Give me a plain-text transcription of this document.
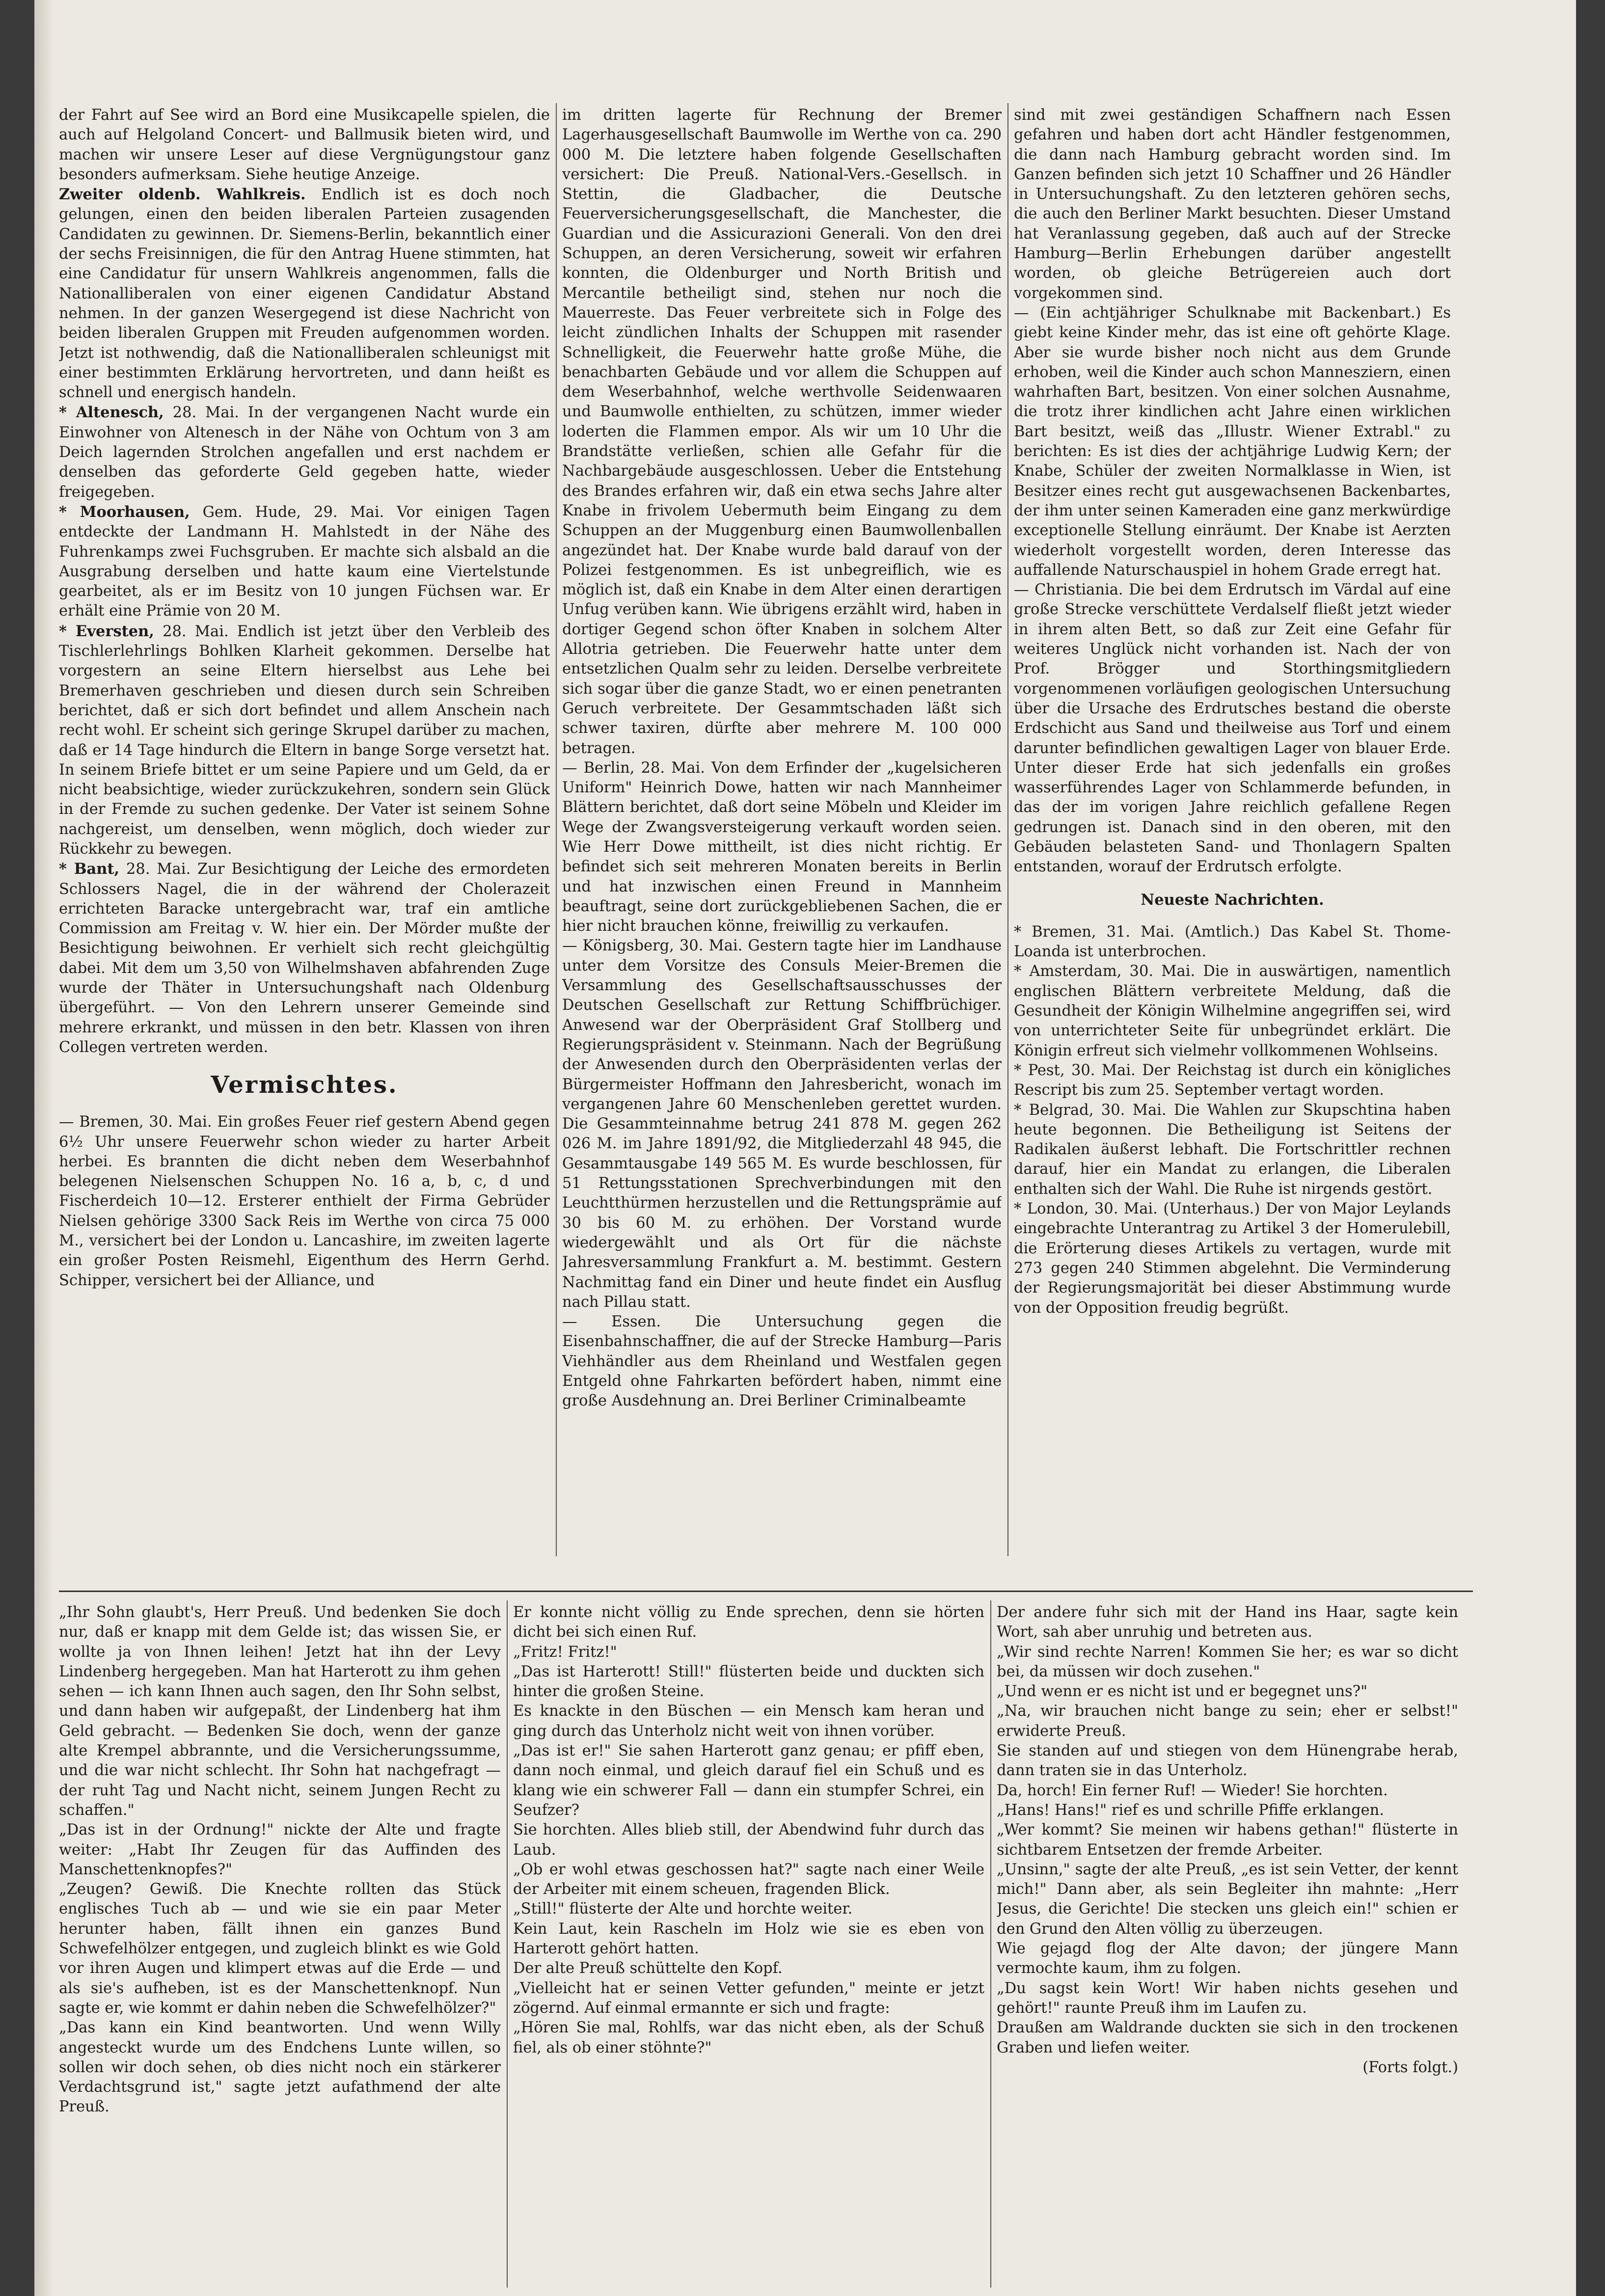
der Fahrt auf See wird an Bord eine Musikcapelle spielen, die auch auf Helgoland Concert- und Ballmusik bieten wird, und machen wir unsere Leser auf diese Vergnügungstour ganz besonders aufmerksam. Siehe heutige Anzeige.

Zweiter oldenb. Wahlkreis. Endlich ist es doch noch gelungen, einen den beiden liberalen Parteien zusagenden Candidaten zu gewinnen. Dr. Siemens-Berlin, bekanntlich einer der sechs Freisinnigen, die für den Antrag Huene stimmten, hat eine Candidatur für unsern Wahlkreis angenommen, falls die Nationalliberalen von einer eigenen Candidatur Abstand nehmen. In der ganzen Wesergegend ist diese Nachricht von beiden liberalen Gruppen mit Freuden aufgenommen worden. Jetzt ist nothwendig, daß die Nationalliberalen schleunigst mit einer bestimmten Erklärung hervortreten, und dann heißt es schnell und energisch handeln.

* Altenesch, 28. Mai. In der vergangenen Nacht wurde ein Einwohner von Altenesch in der Nähe von Ochtum von 3 am Deich lagernden Strolchen angefallen und erst nachdem er denselben das geforderte Geld gegeben hatte, wieder freigegeben.

* Moorhausen, Gem. Hude, 29. Mai. Vor einigen Tagen entdeckte der Landmann H. Mahlstedt in der Nähe des Fuhrenkamps zwei Fuchsgruben. Er machte sich alsbald an die Ausgrabung derselben und hatte kaum eine Viertelstunde gearbeitet, als er im Besitz von 10 jungen Füchsen war. Er erhält eine Prämie von 20 M.

* Eversten, 28. Mai. Endlich ist jetzt über den Verbleib des Tischlerlehrlings Bohlken Klarheit gekommen. Derselbe hat vorgestern an seine Eltern hierselbst aus Lehe bei Bremerhaven geschrieben und diesen durch sein Schreiben berichtet, daß er sich dort befindet und allem Anschein nach recht wohl. Er scheint sich geringe Skrupel darüber zu machen, daß er 14 Tage hindurch die Eltern in bange Sorge versetzt hat. In seinem Briefe bittet er um seine Papiere und um Geld, da er nicht beabsichtige, wieder zurückzukehren, sondern sein Glück in der Fremde zu suchen gedenke. Der Vater ist seinem Sohne nachgereist, um denselben, wenn möglich, doch wieder zur Rückkehr zu bewegen.

* Bant, 28. Mai. Zur Besichtigung der Leiche des ermordeten Schlossers Nagel, die in der während der Cholerazeit errichteten Baracke untergebracht war, traf ein amtliche Commission am Freitag v. W. hier ein. Der Mörder mußte der Besichtigung beiwohnen. Er verhielt sich recht gleichgültig dabei. Mit dem um 3,50 von Wilhelmshaven abfahrenden Zuge wurde der Thäter in Untersuchungshaft nach Oldenburg übergeführt. — Von den Lehrern unserer Gemeinde sind mehrere erkrankt, und müssen in den betr. Klassen von ihren Collegen vertreten werden.

Vermischtes.

— Bremen, 30. Mai. Ein großes Feuer rief gestern Abend gegen 6½ Uhr unsere Feuerwehr schon wieder zu harter Arbeit herbei. Es brannten die dicht neben dem Weserbahnhof belegenen Nielsenschen Schuppen No. 16 a, b, c, d und Fischerdeich 10—12. Ersterer enthielt der Firma Gebrüder Nielsen gehörige 3300 Sack Reis im Werthe von circa 75 000 M., versichert bei der London u. Lancashire, im zweiten lagerte ein großer Posten Reismehl, Eigenthum des Herrn Gerhd. Schipper, versichert bei der Alliance, und

im dritten lagerte für Rechnung der Bremer Lagerhausgesellschaft Baumwolle im Werthe von ca. 290 000 M. Die letztere haben folgende Gesellschaften versichert: Die Preuß. National-Vers.-Gesellsch. in Stettin, die Gladbacher, die Deutsche Feuerversicherungsgesellschaft, die Manchester, die Guardian und die Assicurazioni Generali. Von den drei Schuppen, an deren Versicherung, soweit wir erfahren konnten, die Oldenburger und North British und Mercantile betheiligt sind, stehen nur noch die Mauerreste. Das Feuer verbreitete sich in Folge des leicht zündlichen Inhalts der Schuppen mit rasender Schnelligkeit, die Feuerwehr hatte große Mühe, die benachbarten Gebäude und vor allem die Schuppen auf dem Weserbahnhof, welche werthvolle Seidenwaaren und Baumwolle enthielten, zu schützen, immer wieder loderten die Flammen empor. Als wir um 10 Uhr die Brandstätte verließen, schien alle Gefahr für die Nachbargebäude ausgeschlossen. Ueber die Entstehung des Brandes erfahren wir, daß ein etwa sechs Jahre alter Knabe in frivolem Uebermuth beim Eingang zu dem Schuppen an der Muggenburg einen Baumwollenballen angezündet hat. Der Knabe wurde bald darauf von der Polizei festgenommen. Es ist unbegreiflich, wie es möglich ist, daß ein Knabe in dem Alter einen derartigen Unfug verüben kann. Wie übrigens erzählt wird, haben in dortiger Gegend schon öfter Knaben in solchem Alter Allotria getrieben. Die Feuerwehr hatte unter dem entsetzlichen Qualm sehr zu leiden. Derselbe verbreitete sich sogar über die ganze Stadt, wo er einen penetranten Geruch verbreitete. Der Gesammtschaden läßt sich schwer taxiren, dürfte aber mehrere M. 100 000 betragen.

— Berlin, 28. Mai. Von dem Erfinder der „kugelsicheren Uniform" Heinrich Dowe, hatten wir nach Mannheimer Blättern berichtet, daß dort seine Möbeln und Kleider im Wege der Zwangsversteigerung verkauft worden seien. Wie Herr Dowe mittheilt, ist dies nicht richtig. Er befindet sich seit mehreren Monaten bereits in Berlin und hat inzwischen einen Freund in Mannheim beauftragt, seine dort zurückgebliebenen Sachen, die er hier nicht brauchen könne, freiwillig zu verkaufen.

— Königsberg, 30. Mai. Gestern tagte hier im Landhause unter dem Vorsitze des Consuls Meier-Bremen die Versammlung des Gesellschaftsausschusses der Deutschen Gesellschaft zur Rettung Schiffbrüchiger. Anwesend war der Oberpräsident Graf Stollberg und Regierungspräsident v. Steinmann. Nach der Begrüßung der Anwesenden durch den Oberpräsidenten verlas der Bürgermeister Hoffmann den Jahresbericht, wonach im vergangenen Jahre 60 Menschenleben gerettet wurden. Die Gesammteinnahme betrug 241 878 M. gegen 262 026 M. im Jahre 1891/92, die Mitgliederzahl 48 945, die Gesammtausgabe 149 565 M. Es wurde beschlossen, für 51 Rettungsstationen Sprechverbindungen mit den Leuchtthürmen herzustellen und die Rettungsprämie auf 30 bis 60 M. zu erhöhen. Der Vorstand wurde wiedergewählt und als Ort für die nächste Jahresversammlung Frankfurt a. M. bestimmt. Gestern Nachmittag fand ein Diner und heute findet ein Ausflug nach Pillau statt.

— Essen. Die Untersuchung gegen die Eisenbahnschaffner, die auf der Strecke Hamburg—Paris Viehhändler aus dem Rheinland und Westfalen gegen Entgeld ohne Fahrkarten befördert haben, nimmt eine große Ausdehnung an. Drei Berliner Criminalbeamte

sind mit zwei geständigen Schaffnern nach Essen gefahren und haben dort acht Händler festgenommen, die dann nach Hamburg gebracht worden sind. Im Ganzen befinden sich jetzt 10 Schaffner und 26 Händler in Untersuchungshaft. Zu den letzteren gehören sechs, die auch den Berliner Markt besuchten. Dieser Umstand hat Veranlassung gegeben, daß auch auf der Strecke Hamburg—Berlin Erhebungen darüber angestellt worden, ob gleiche Betrügereien auch dort vorgekommen sind.

— (Ein achtjähriger Schulknabe mit Backenbart.) Es giebt keine Kinder mehr, das ist eine oft gehörte Klage. Aber sie wurde bisher noch nicht aus dem Grunde erhoben, weil die Kinder auch schon Mannesziern, einen wahrhaften Bart, besitzen. Von einer solchen Ausnahme, die trotz ihrer kindlichen acht Jahre einen wirklichen Bart besitzt, weiß das „Illustr. Wiener Extrabl." zu berichten: Es ist dies der achtjährige Ludwig Kern; der Knabe, Schüler der zweiten Normalklasse in Wien, ist Besitzer eines recht gut ausgewachsenen Backenbartes, der ihm unter seinen Kameraden eine ganz merkwürdige exceptionelle Stellung einräumt. Der Knabe ist Aerzten wiederholt vorgestellt worden, deren Interesse das auffallende Naturschauspiel in hohem Grade erregt hat.

— Christiania. Die bei dem Erdrutsch im Värdal auf eine große Strecke verschüttete Verdalself fließt jetzt wieder in ihrem alten Bett, so daß zur Zeit eine Gefahr für weiteres Unglück nicht vorhanden ist. Nach der von Prof. Brögger und Storthingsmitgliedern vorgenommenen vorläufigen geologischen Untersuchung über die Ursache des Erdrutsches bestand die oberste Erdschicht aus Sand und theilweise aus Torf und einem darunter befindlichen gewaltigen Lager von blauer Erde. Unter dieser Erde hat sich jedenfalls ein großes wasserführendes Lager von Schlammerde befunden, in das der im vorigen Jahre reichlich gefallene Regen gedrungen ist. Danach sind in den oberen, mit den Gebäuden belasteten Sand- und Thonlagern Spalten entstanden, worauf der Erdrutsch erfolgte.

Neueste Nachrichten.

* Bremen, 31. Mai. (Amtlich.) Das Kabel St. Thome-Loanda ist unterbrochen.

* Amsterdam, 30. Mai. Die in auswärtigen, namentlich englischen Blättern verbreitete Meldung, daß die Gesundheit der Königin Wilhelmine angegriffen sei, wird von unterrichteter Seite für unbegründet erklärt. Die Königin erfreut sich vielmehr vollkommenen Wohlseins.

* Pest, 30. Mai. Der Reichstag ist durch ein königliches Rescript bis zum 25. September vertagt worden.

* Belgrad, 30. Mai. Die Wahlen zur Skupschtina haben heute begonnen. Die Betheiligung ist Seitens der Radikalen äußerst lebhaft. Die Fortschrittler rechnen darauf, hier ein Mandat zu erlangen, die Liberalen enthalten sich der Wahl. Die Ruhe ist nirgends gestört.

* London, 30. Mai. (Unterhaus.) Der von Major Leylands eingebrachte Unterantrag zu Artikel 3 der Homerulebill, die Erörterung dieses Artikels zu vertagen, wurde mit 273 gegen 240 Stimmen abgelehnt. Die Verminderung der Regierungsmajorität bei dieser Abstimmung wurde von der Opposition freudig begrüßt.

„Ihr Sohn glaubt's, Herr Preuß. Und bedenken Sie doch nur, daß er knapp mit dem Gelde ist; das wissen Sie, er wollte ja von Ihnen leihen! Jetzt hat ihn der Levy Lindenberg hergegeben. Man hat Harterott zu ihm gehen sehen — ich kann Ihnen auch sagen, den Ihr Sohn selbst, und dann haben wir aufgepaßt, der Lindenberg hat ihm Geld gebracht. — Bedenken Sie doch, wenn der ganze alte Krempel abbrannte, und die Versicherungssumme, und die war nicht schlecht. Ihr Sohn hat nachgefragt — der ruht Tag und Nacht nicht, seinem Jungen Recht zu schaffen."

„Das ist in der Ordnung!" nickte der Alte und fragte weiter: „Habt Ihr Zeugen für das Auffinden des Manschettenknopfes?"

„Zeugen? Gewiß. Die Knechte rollten das Stück englisches Tuch ab — und wie sie ein paar Meter herunter haben, fällt ihnen ein ganzes Bund Schwefelhölzer entgegen, und zugleich blinkt es wie Gold vor ihren Augen und klimpert etwas auf die Erde — und als sie's aufheben, ist es der Manschettenknopf. Nun sagte er, wie kommt er dahin neben die Schwefelhölzer?"

„Das kann ein Kind beantworten. Und wenn Willy angesteckt wurde um des Endchens Lunte willen, so sollen wir doch sehen, ob dies nicht noch ein stärkerer Verdachtsgrund ist," sagte jetzt aufathmend der alte Preuß.

Er konnte nicht völlig zu Ende sprechen, denn sie hörten dicht bei sich einen Ruf.

„Fritz! Fritz!"

„Das ist Harterott! Still!" flüsterten beide und duckten sich hinter die großen Steine.

Es knackte in den Büschen — ein Mensch kam heran und ging durch das Unterholz nicht weit von ihnen vorüber.

„Das ist er!" Sie sahen Harterott ganz genau; er pfiff eben, dann noch einmal, und gleich darauf fiel ein Schuß und es klang wie ein schwerer Fall — dann ein stumpfer Schrei, ein Seufzer?

Sie horchten. Alles blieb still, der Abendwind fuhr durch das Laub.

„Ob er wohl etwas geschossen hat?" sagte nach einer Weile der Arbeiter mit einem scheuen, fragenden Blick.

„Still!" flüsterte der Alte und horchte weiter.

Kein Laut, kein Rascheln im Holz wie sie es eben von Harterott gehört hatten.

Der alte Preuß schüttelte den Kopf.

„Vielleicht hat er seinen Vetter gefunden," meinte er jetzt zögernd. Auf einmal ermannte er sich und fragte:

„Hören Sie mal, Rohlfs, war das nicht eben, als der Schuß fiel, als ob einer stöhnte?"

Der andere fuhr sich mit der Hand ins Haar, sagte kein Wort, sah aber unruhig und betreten aus.

„Wir sind rechte Narren! Kommen Sie her; es war so dicht bei, da müssen wir doch zusehen."

„Und wenn er es nicht ist und er begegnet uns?"

„Na, wir brauchen nicht bange zu sein; eher er selbst!" erwiderte Preuß.

Sie standen auf und stiegen von dem Hünengrabe herab, dann traten sie in das Unterholz.

Da, horch! Ein ferner Ruf! — Wieder! Sie horchten.

„Hans! Hans!" rief es und schrille Pfiffe erklangen.

„Wer kommt? Sie meinen wir habens gethan!" flüsterte in sichtbarem Entsetzen der fremde Arbeiter.

„Unsinn," sagte der alte Preuß, „es ist sein Vetter, der kennt mich!" Dann aber, als sein Begleiter ihn mahnte: „Herr Jesus, die Gerichte! Die stecken uns gleich ein!" schien er den Grund den Alten völlig zu überzeugen.

Wie gejagd flog der Alte davon; der jüngere Mann vermochte kaum, ihm zu folgen.

„Du sagst kein Wort! Wir haben nichts gesehen und gehört!" raunte Preuß ihm im Laufen zu.

Draußen am Waldrande duckten sie sich in den trockenen Graben und liefen weiter.

(Forts folgt.)
